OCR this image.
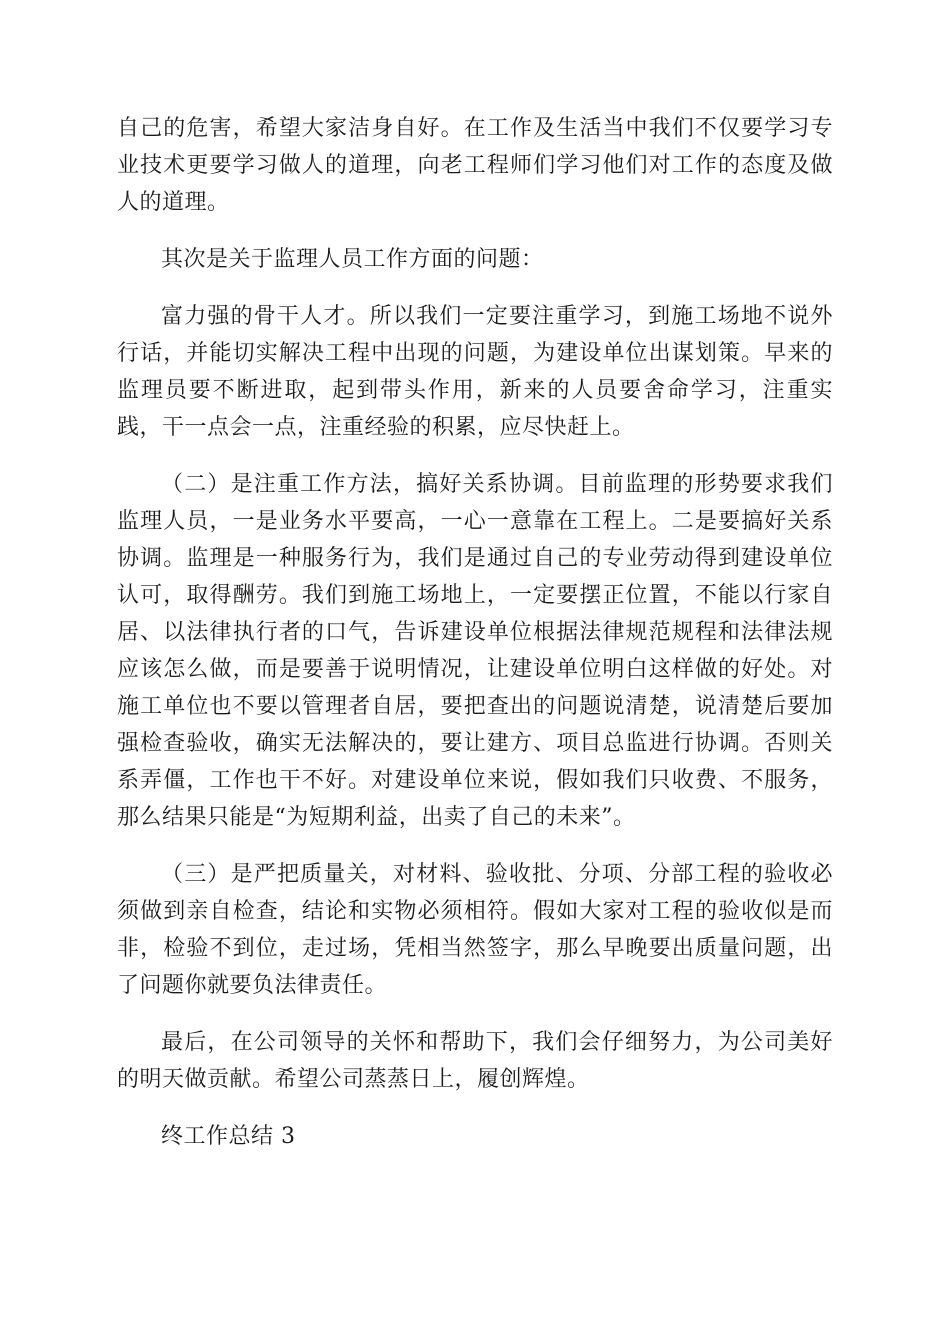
自己的危害，希望大家洁身自好。在工作及生活当中我们不仅要学习专业技术更要学习做人的道理，向老工程师们学习他们对工作的态度及做人的道理。

其次是关于监理人员工作方面的问题：

富力强的骨干人才。所以我们一定要注重学习，到施工场地不说外行话，并能切实解决工程中出现的问题，为建设单位出谋划策。早来的监理员要不断进取，起到带头作用，新来的人员要舍命学习，注重实践，干一点会一点，注重经验的积累，应尽快赶上。

（二）是注重工作方法，搞好关系协调。目前监理的形势要求我们监理人员，一是业务水平要高，一心一意靠在工程上。二是要搞好关系协调。监理是一种服务行为，我们是通过自己的专业劳动得到建设单位认可，取得酬劳。我们到施工场地上，一定要摆正位置，不能以行家自居、以法律执行者的口气，告诉建设单位根据法律规范规程和法律法规应该怎么做，而是要善于说明情况，让建设单位明白这样做的好处。对施工单位也不要以管理者自居，要把查出的问题说清楚，说清楚后要加强检查验收，确实无法解决的，要让建方、项目总监进行协调。否则关系弄僵，工作也干不好。对建设单位来说，假如我们只收费、不服务，那么结果只能是“为短期利益，出卖了自己的未来”。

（三）是严把质量关，对材料、验收批、分项、分部工程的验收必须做到亲自检查，结论和实物必须相符。假如大家对工程的验收似是而非，检验不到位，走过场，凭相当然签字，那么早晚要出质量问题，出了问题你就要负法律责任。

最后，在公司领导的关怀和帮助下，我们会仔细努力，为公司美好的明天做贡献。希望公司蒸蒸日上，履创辉煌。

终工作总结 3
